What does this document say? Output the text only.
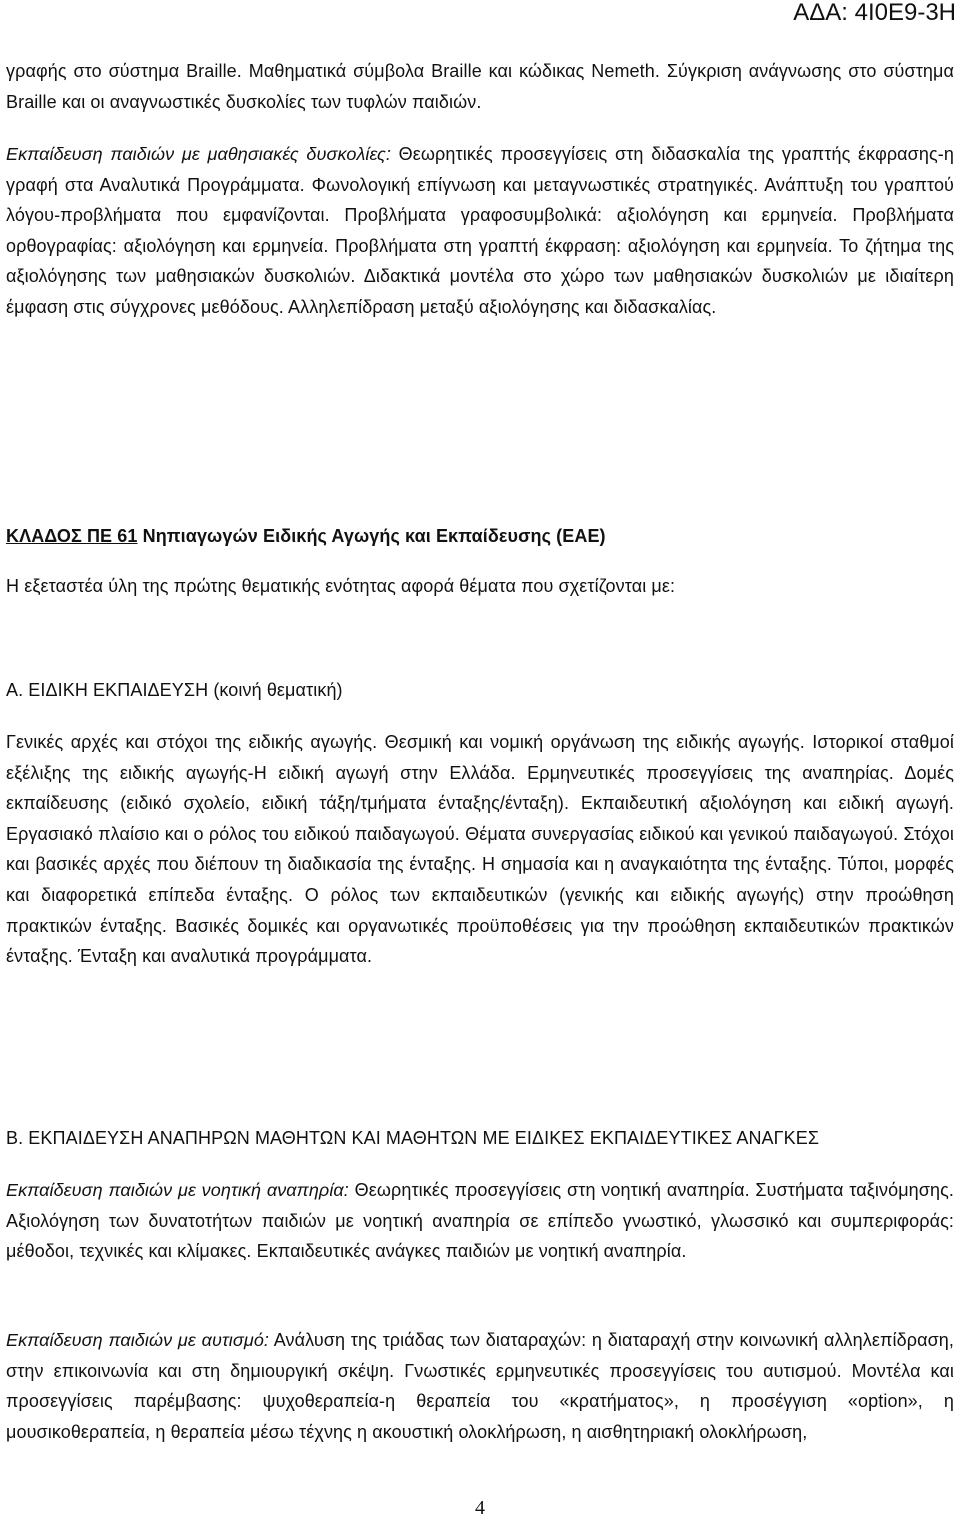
ΑΔΑ: 4Ι0Ε9-3Η

γραφής στο σύστημα Braille. Μαθηματικά σύμβολα Braille και κώδικας Nemeth. Σύγκριση ανάγνωσης στο σύστημα Braille και οι αναγνωστικές δυσκολίες των τυφλών παιδιών.

Εκπαίδευση παιδιών με μαθησιακές δυσκολίες: Θεωρητικές προσεγγίσεις στη διδασκαλία της γραπτής έκφρασης-η γραφή στα Αναλυτικά Προγράμματα. Φωνολογική επίγνωση και μεταγνωστικές στρατηγικές. Ανάπτυξη του γραπτού λόγου-προβλήματα που εμφανίζονται. Προβλήματα γραφοσυμβολικά: αξιολόγηση και ερμηνεία. Προβλήματα ορθογραφίας: αξιολόγηση και ερμηνεία. Προβλήματα στη γραπτή έκφραση: αξιολόγηση και ερμηνεία. Το ζήτημα της αξιολόγησης των μαθησιακών δυσκολιών. Διδακτικά μοντέλα στο χώρο των μαθησιακών δυσκολιών με ιδιαίτερη έμφαση στις σύγχρονες μεθόδους. Αλληλεπίδραση μεταξύ αξιολόγησης και διδασκαλίας.

ΚΛΑΔΟΣ ΠΕ 61 Νηπιαγωγών Ειδικής Αγωγής και Εκπαίδευσης (ΕΑΕ)

Η εξεταστέα ύλη της πρώτης θεματικής ενότητας αφορά θέματα που σχετίζονται με:

Α. ΕΙΔΙΚΗ ΕΚΠΑΙΔΕΥΣΗ (κοινή θεματική)

Γενικές αρχές και στόχοι της ειδικής αγωγής. Θεσμική και νομική οργάνωση της ειδικής αγωγής. Ιστορικοί σταθμοί εξέλιξης της ειδικής αγωγής-Η ειδική αγωγή στην Ελλάδα. Ερμηνευτικές προσεγγίσεις της αναπηρίας. Δομές εκπαίδευσης (ειδικό σχολείο, ειδική τάξη/τμήματα ένταξης/ένταξη). Εκπαιδευτική αξιολόγηση και ειδική αγωγή. Εργασιακό πλαίσιο και ο ρόλος του ειδικού παιδαγωγού. Θέματα συνεργασίας ειδικού και γενικού παιδαγωγού. Στόχοι και βασικές αρχές που διέπουν τη διαδικασία της ένταξης. Η σημασία και η αναγκαιότητα της ένταξης. Τύποι, μορφές και διαφορετικά επίπεδα ένταξης. Ο ρόλος των εκπαιδευτικών (γενικής και ειδικής αγωγής) στην προώθηση πρακτικών ένταξης. Βασικές δομικές και οργανωτικές προϋποθέσεις για την προώθηση εκπαιδευτικών πρακτικών ένταξης. Ένταξη και αναλυτικά προγράμματα.

Β. ΕΚΠΑΙΔΕΥΣΗ ΑΝΑΠΗΡΩΝ ΜΑΘΗΤΩΝ ΚΑΙ ΜΑΘΗΤΩΝ ΜΕ ΕΙΔΙΚΕΣ ΕΚΠΑΙΔΕΥΤΙΚΕΣ ΑΝΑΓΚΕΣ

Εκπαίδευση παιδιών με νοητική αναπηρία: Θεωρητικές προσεγγίσεις στη νοητική αναπηρία. Συστήματα ταξινόμησης. Αξιολόγηση των δυνατοτήτων παιδιών με νοητική αναπηρία σε επίπεδο γνωστικό, γλωσσικό και συμπεριφοράς: μέθοδοι, τεχνικές και κλίμακες. Εκπαιδευτικές ανάγκες παιδιών με νοητική αναπηρία.

Εκπαίδευση παιδιών με αυτισμό: Ανάλυση της τριάδας των διαταραχών: η διαταραχή στην κοινωνική αλληλεπίδραση, στην επικοινωνία και στη δημιουργική σκέψη. Γνωστικές ερμηνευτικές προσεγγίσεις του αυτισμού. Μοντέλα και προσεγγίσεις παρέμβασης: ψυχοθεραπεία-η θεραπεία του «κρατήματος», η προσέγγιση «option», η μουσικοθεραπεία, η θεραπεία μέσω τέχνης η ακουστική ολοκλήρωση, η αισθητηριακή ολοκλήρωση,

4
